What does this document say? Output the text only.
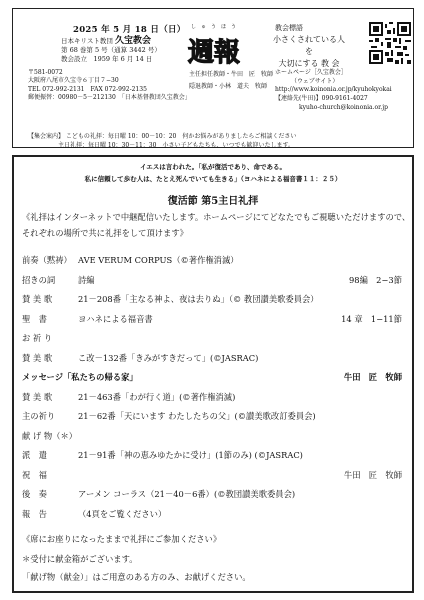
2025 年 5 月 18 日（日）
日本キリスト教団 久宝教会
第 68 巻第 5 号（通算 3442 号）
教会設立　1959 年 6 月 14 日
しゅうほう
週報
〒581-0072
大阪府八尾市久宝寺６丁目７−30
TEL 072-992-2131　FAX 072-992-2135
郵便振替：00980－5－212130　「日本基督教団久宝教会」
主任担任教師・牛田　匠　牧師
隠退教師・小林　道夫　牧師
【集会案内】 こどもの礼拝：毎日曜 10：00－10：20　何かお悩みがありましたらご相談ください
主日礼拝：毎日曜 10：30－11：30　小さい子どもたちも、いつでも歓迎いたします。
教会標語
小さくされている人を
大切にする 教 会
ホームページ［久宝教会］
（ウェブサイト）
http://www.koinonia.or.jp/kyuhokyokai
【連絡先(牛田)】090-9161-4027
kyuho-church@koinonia.or.jp
イエスは言われた。「私が復活であり、命である。
私に信頼して歩む人は、たとえ死んでいても生きる」（ヨハネによる福音書１１：２５）
復活節 第5主日礼拝
《礼拝はインターネットで中継配信いたします。ホームページにてどなたでもご視聴いただけますので、それぞれの場所で共に礼拝をして頂けます》
前奏（黙祷） AVE VERUM CORPUS（©著作権消滅）
招きの詞	詩編	98編　2−3節
賛 美 歌	21－208番「主なる神よ、夜は去りぬ」（© 教団讃美歌委員会）
聖　書	ヨハネによる福音書	14 章　1−11節
お 祈 り
賛 美 歌	こ改－132番「きみがすきだって」(©JASRAC)
メッセージ「私たちの帰る家」	牛田　匠　牧師
賛 美 歌	21－463番「わが行く道」(©著作権消滅)
主の祈り	21－62番「天にいます わたしたちの父」(©讃美歌改訂委員会)
献 げ 物（＊）
派　遣	21－91番「神の恵みゆたかに受け」(1節のみ) (©JASRAC)
祝　福	牛田　匠　牧師
後　奏	アーメン コーラス（21－40－6番）(©教団讃美歌委員会)
報　告	（4頁をご覧ください）
《席にお座りになったままで礼拝にご参加ください》
＊受付に献金箱がございます。
「献げ物（献金）」はご用意のある方のみ、お献げください。
